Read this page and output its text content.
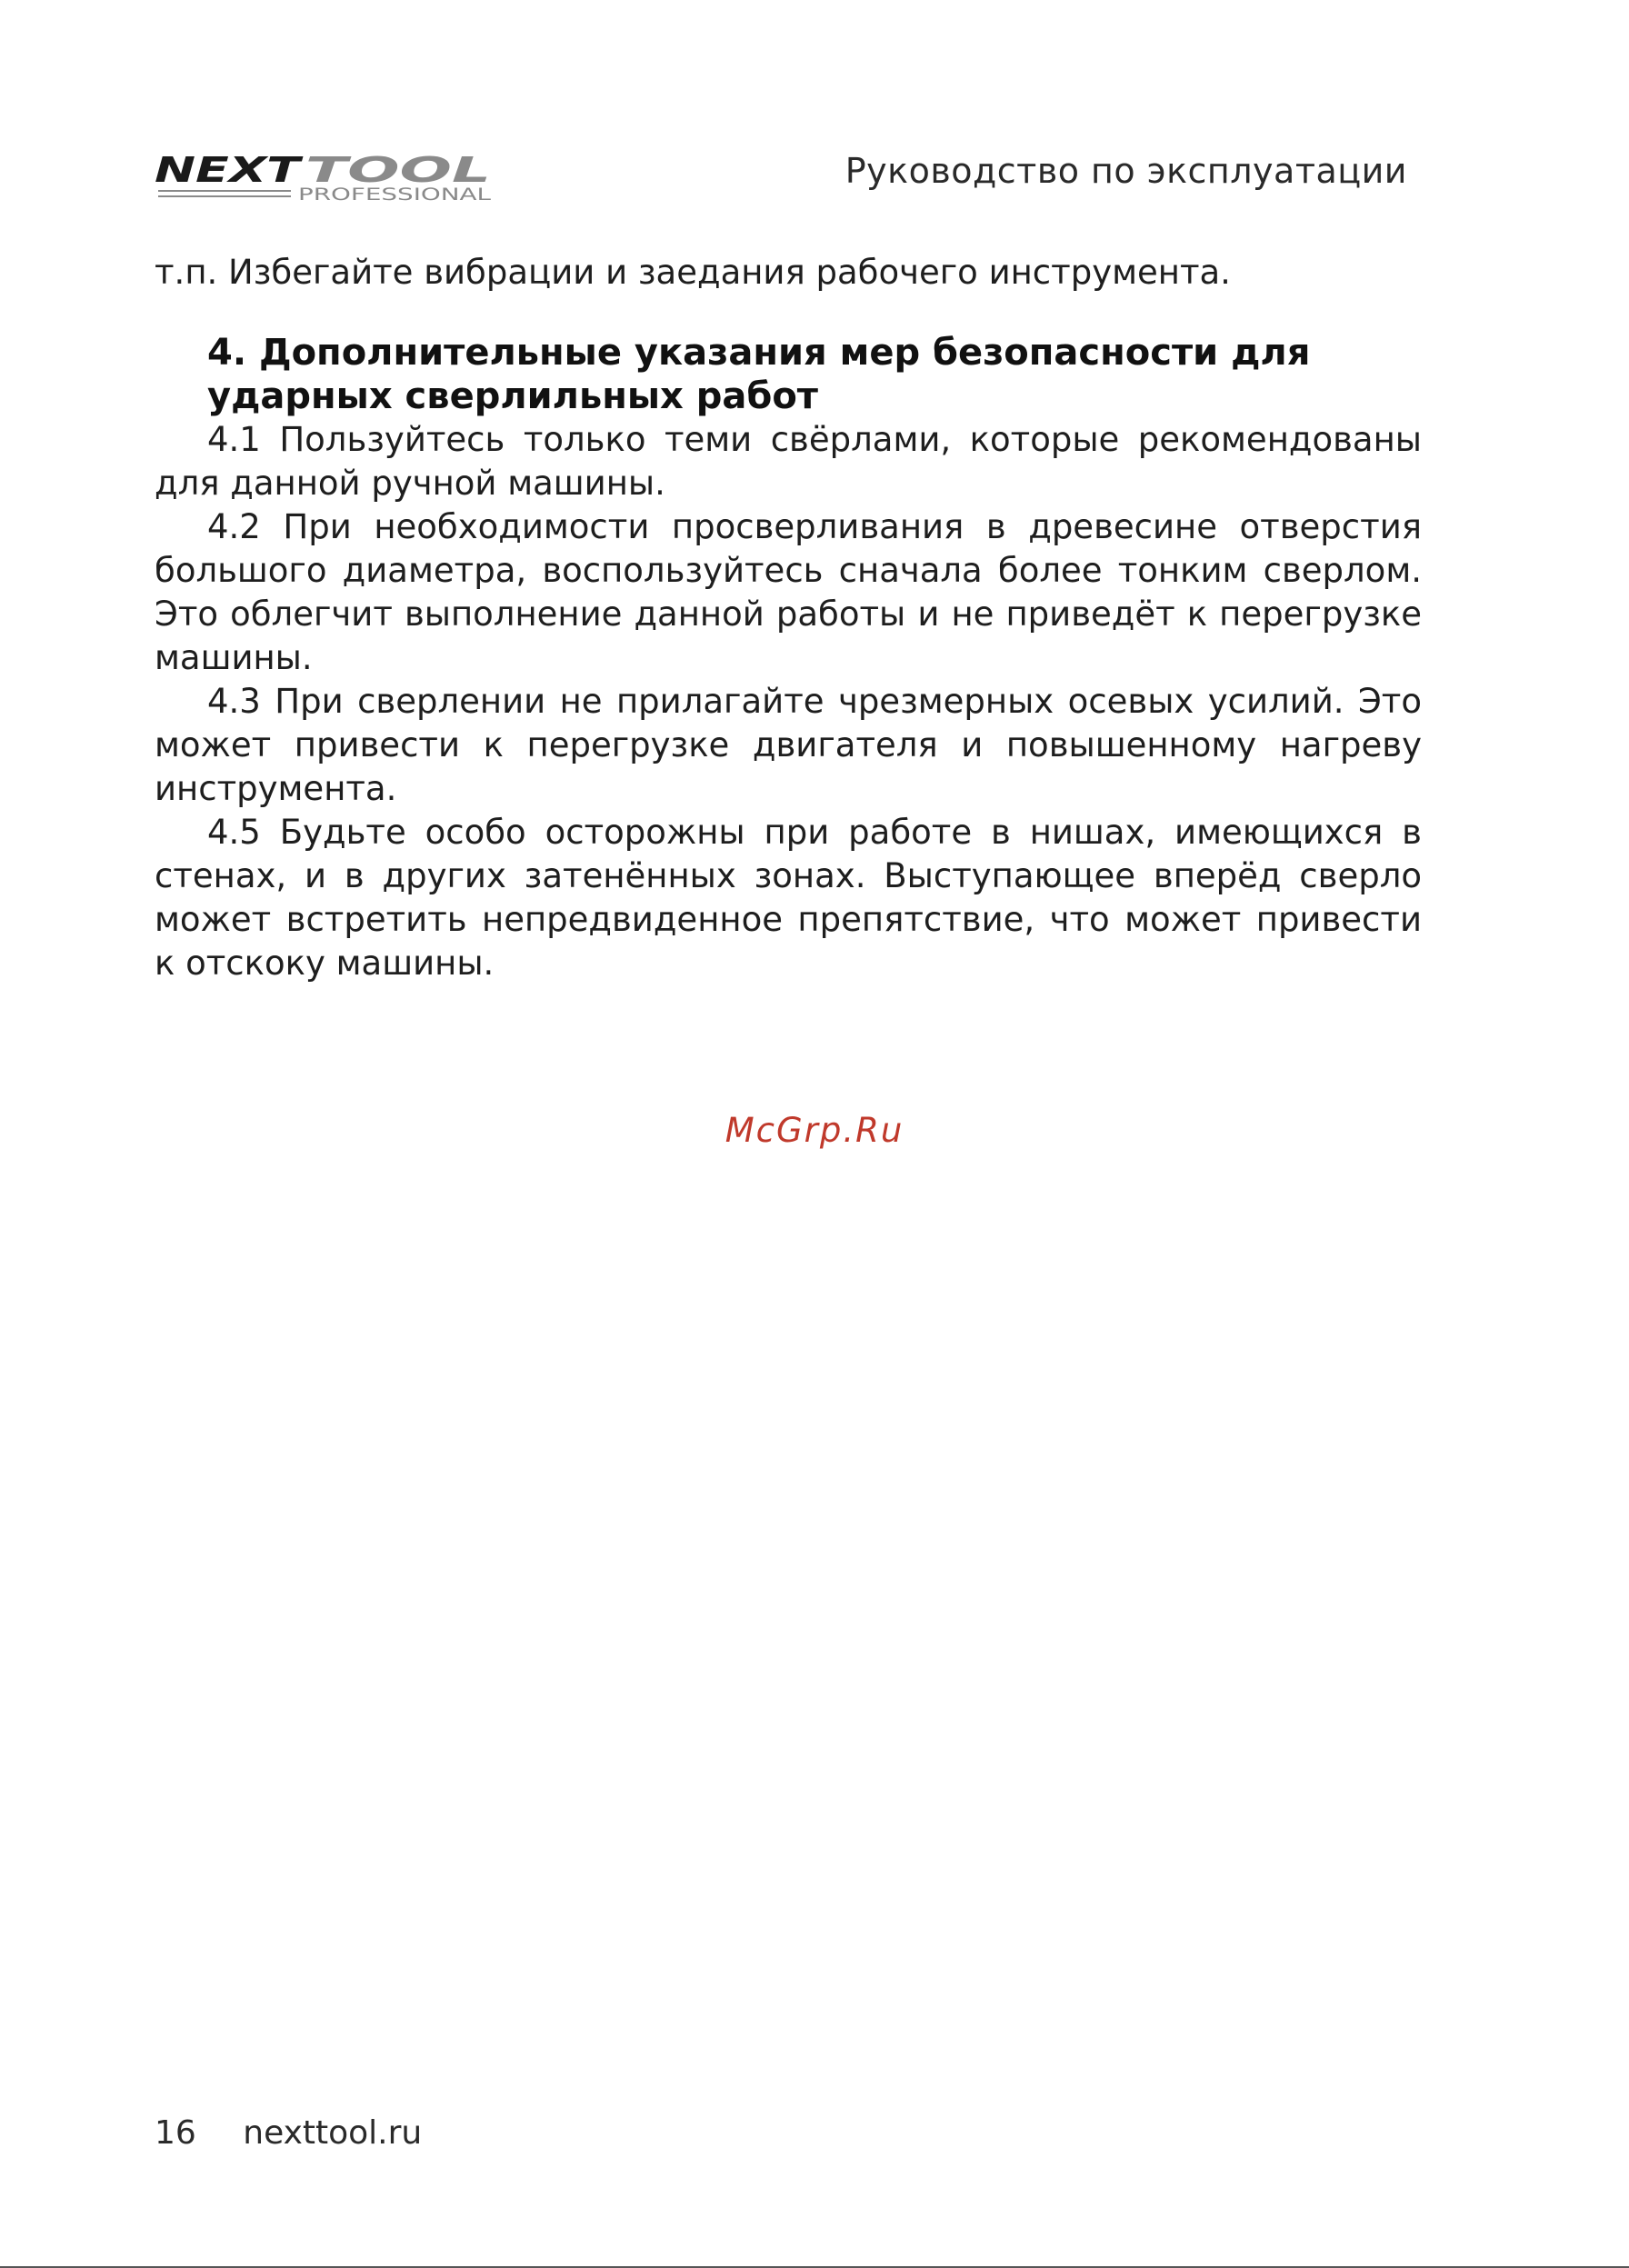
NEXT TOOL
PROFESSIONAL
Руководство по эксплуатации

т.п. Избегайте вибрации и заедания рабочего инструмента.

4. Дополнительные указания мер безопасности для ударных сверлильных работ

4.1 Пользуйтесь только теми свёрлами, которые рекомендованы для данной ручной машины.

4.2 При необходимости просверливания в древесине отверстия большого диаметра, воспользуйтесь сначала более тонким сверлом. Это облегчит выполнение данной работы и не приведёт к перегрузке машины.

4.3 При сверлении не прилагайте чрезмерных осевых усилий. Это может привести к перегрузке двигателя и повышенному нагреву инструмента.

4.5 Будьте особо осторожны при работе в нишах, имеющихся в стенах, и в других затенённых зонах. Выступающее вперёд сверло может встретить непредвиденное препятствие, что может привести к отскоку машины.

McGrp.Ru
16 nexttool.ru
